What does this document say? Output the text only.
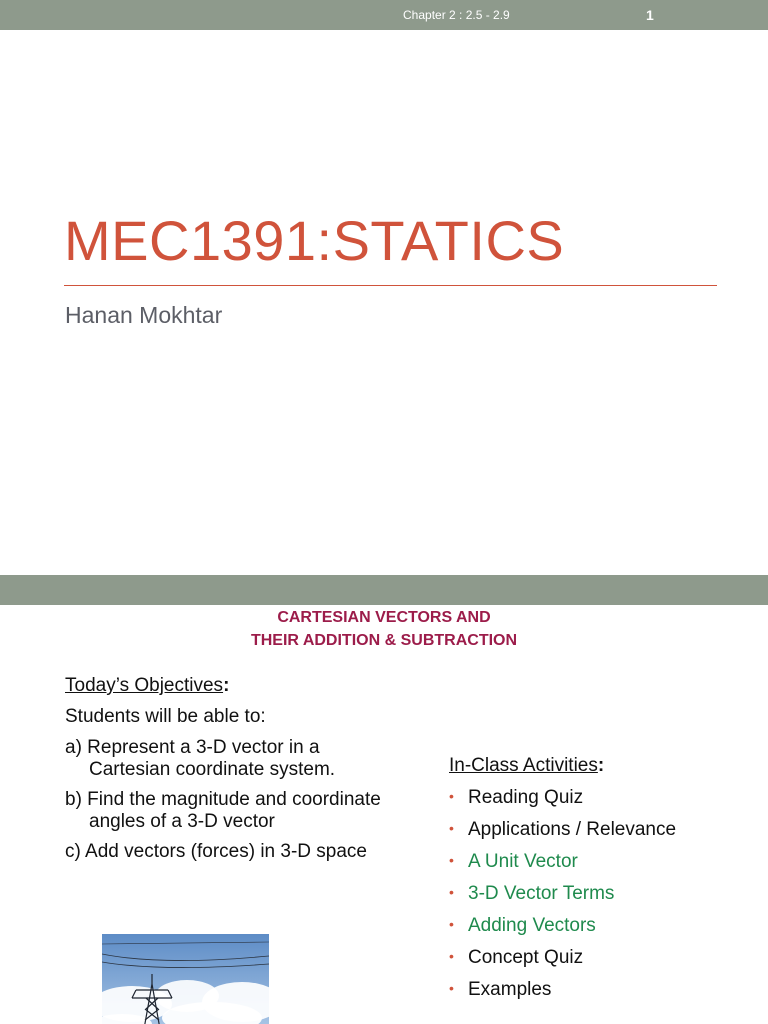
Chapter 2 : 2.5 - 2.9	1
MEC1391:STATICS
Hanan Mokhtar
CARTESIAN VECTORS AND
THEIR ADDITION & SUBTRACTION
Today’s Objectives:
Students will be able to:
a) Represent a 3-D vector in a
Cartesian coordinate system.
b) Find the magnitude and coordinate
angles of a 3-D vector
c) Add vectors (forces) in 3-D space
In-Class Activities:
• Reading Quiz
• Applications / Relevance
• A Unit Vector
• 3-D Vector Terms
• Adding Vectors
• Concept Quiz
• Examples
